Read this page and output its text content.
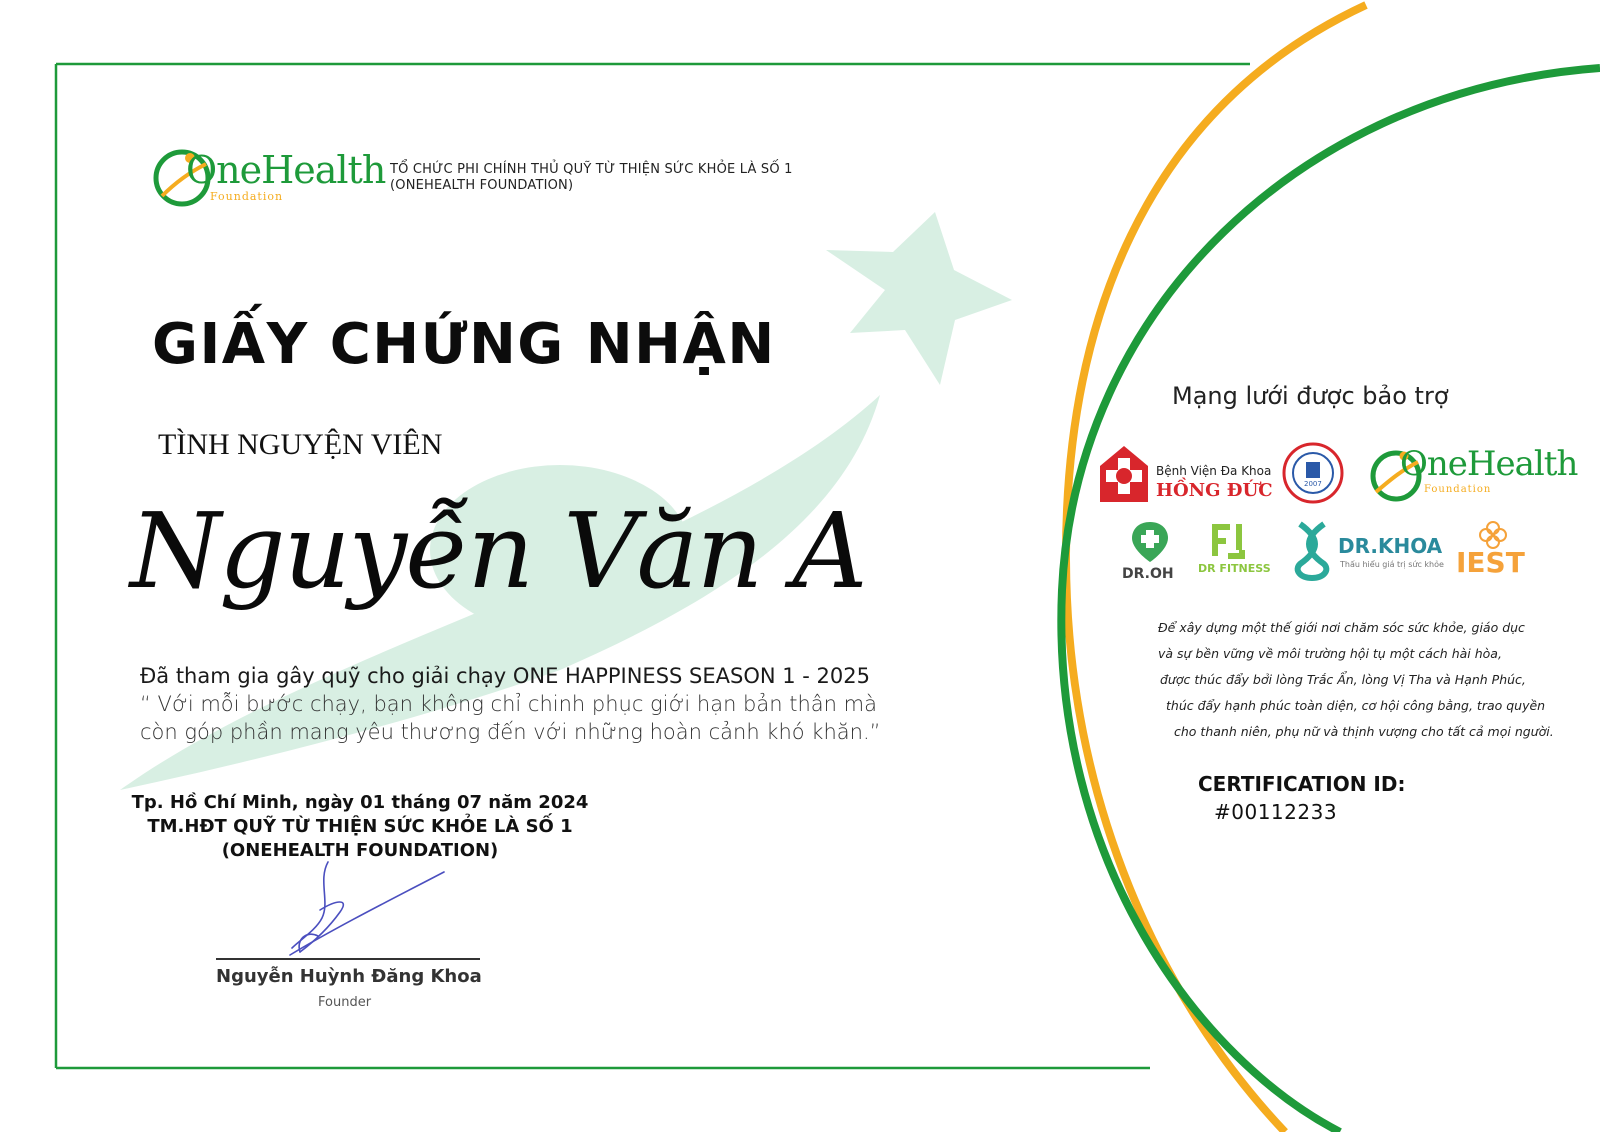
OneHealth
Foundation
TỔ CHỨC PHI CHÍNH THỦ QUỸ TỪ THIỆN SỨC KHỎE LÀ SỐ 1
(ONEHEALTH FOUNDATION)
GIẤY CHỨNG NHẬN
TÌNH NGUYỆN VIÊN
Nguyễn Văn A
Đã tham gia gây quỹ cho giải chạy ONE HAPPINESS SEASON 1 - 2025
“ Với mỗi bước chạy, bạn không chỉ chinh phục giới hạn bản thân mà
còn góp phần mang yêu thương đến với những hoàn cảnh khó khăn.”
Tp. Hồ Chí Minh, ngày 01 tháng 07 năm 2024
TM.HĐT QUỸ TỪ THIỆN SỨC KHỎE LÀ SỐ 1
(ONEHEALTH FOUNDATION)
Nguyễn Huỳnh Đăng Khoa
Founder
Mạng lưới được bảo trợ
Bệnh Viện Đa Khoa
HỒNG ĐỨC	2007 OneHealth
Foundation
DR.OH DR FITNESS
DR.KHOA
Thấu hiểu giá trị sức khỏe IEST
Để xây dựng một thế giới nơi chăm sóc sức khỏe, giáo dục
và sự bền vững về môi trường hội tụ một cách hài hòa,
được thúc đẩy bởi lòng Trắc Ẩn, lòng Vị Tha và Hạnh Phúc,
thúc đẩy hạnh phúc toàn diện, cơ hội công bằng, trao quyền
cho thanh niên, phụ nữ và thịnh vượng cho tất cả mọi người.
CERTIFICATION ID:
#00112233
